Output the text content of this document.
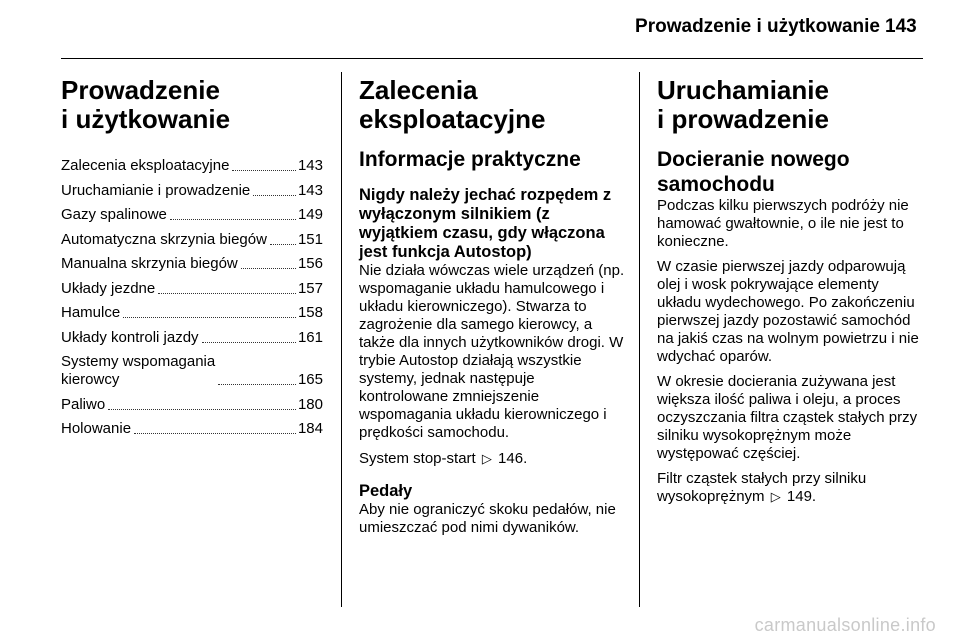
Prowadzenie i użytkowanie 143
Prowadzenie
i użytkowanie
Zalecenia eksploatacyjne	143
Uruchamianie i prowadzenie	143
Gazy spalinowe	149
Automatyczna skrzynia biegów 151
Manualna skrzynia biegów	156
Układy jezdne	157
Hamulce	158
Układy kontroli jazdy	161
Systemy wspomagania
kierowcy	165
Paliwo	180
Holowanie	184
Zalecenia
eksploatacyjne
Informacje praktyczne
Nigdy należy jechać rozpędem z wyłączonym silnikiem (z wyjątkiem czasu, gdy włączona jest funkcja Autostop)
Nie działa wówczas wiele urządzeń (np. wspomaganie układu hamulcowego i układu kierowniczego). Stwarza to zagrożenie dla samego kierowcy, a także dla innych użytkowników drogi. W trybie Autostop działają wszystkie systemy, jednak następuje kontrolowane zmniejszenie wspomagania układu kierowniczego i prędkości samochodu.
System stop-start ▷ 146.
Pedały
Aby nie ograniczyć skoku pedałów, nie umieszczać pod nimi dywaników.
Uruchamianie
i prowadzenie
Docieranie nowego samochodu
Podczas kilku pierwszych podróży nie hamować gwałtownie, o ile nie jest to konieczne.
W czasie pierwszej jazdy odparowują olej i wosk pokrywające elementy układu wydechowego. Po zakończeniu pierwszej jazdy pozostawić samochód na jakiś czas na wolnym powietrzu i nie wdychać oparów.
W okresie docierania zużywana jest większa ilość paliwa i oleju, a proces oczyszczania filtra cząstek stałych przy silniku wysokoprężnym może występować częściej.
Filtr cząstek stałych przy silniku wysokoprężnym ▷ 149.
carmanualsonline.info
